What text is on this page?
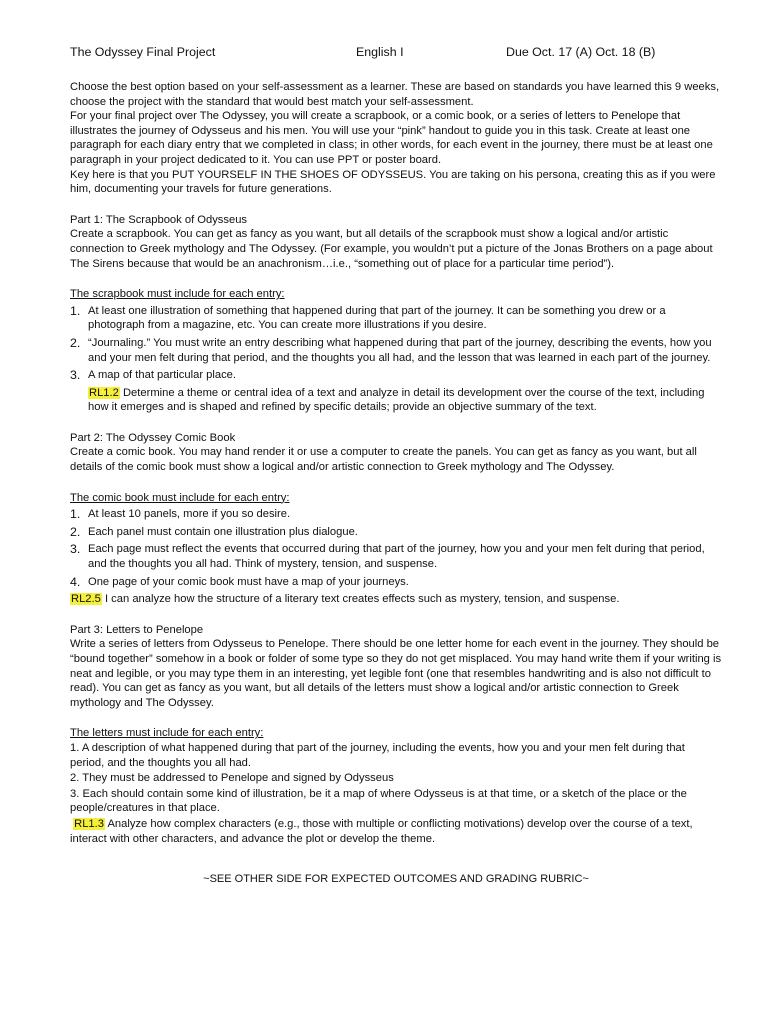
The Odyssey Final Project	English I	Due Oct. 17 (A) Oct. 18 (B)

Choose the best option based on your self-assessment as a learner. These are based on standards you have learned this 9 weeks, choose the project with the standard that would best match your self-assessment.

For your final project over The Odyssey, you will create a scrapbook, or a comic book, or a series of letters to Penelope that illustrates the journey of Odysseus and his men. You will use your “pink” handout to guide you in this task. Create at least one paragraph for each diary entry that we completed in class; in other words, for each event in the journey, there must be at least one paragraph in your project dedicated to it. You can use PPT or poster board.

Key here is that you PUT YOURSELF IN THE SHOES OF ODYSSEUS. You are taking on his persona, creating this as if you were him, documenting your travels for future generations.

Part 1: The Scrapbook of Odysseus

Create a scrapbook. You can get as fancy as you want, but all details of the scrapbook must show a logical and/or artistic connection to Greek mythology and The Odyssey. (For example, you wouldn’t put a picture of the Jonas Brothers on a page about The Sirens because that would be an anachronism…i.e., “something out of place for a particular time period”).

The scrapbook must include for each entry:

1. At least one illustration of something that happened during that part of the journey. It can be something you drew or a photograph from a magazine, etc. You can create more illustrations if you desire.
2. “Journaling.” You must write an entry describing what happened during that part of the journey, describing the events, how you and your men felt during that period, and the thoughts you all had, and the lesson that was learned in each part of the journey.
3. A map of that particular place.
RL1.2 Determine a theme or central idea of a text and analyze in detail its development over the course of the text, including how it emerges and is shaped and refined by specific details; provide an objective summary of the text.

Part 2: The Odyssey Comic Book

Create a comic book. You may hand render it or use a computer to create the panels. You can get as fancy as you want, but all details of the comic book must show a logical and/or artistic connection to Greek mythology and The Odyssey.

The comic book must include for each entry:

1. At least 10 panels, more if you so desire.
2. Each panel must contain one illustration plus dialogue.
3. Each page must reflect the events that occurred during that part of the journey, how you and your men felt during that period, and the thoughts you all had. Think of mystery, tension, and suspense.
4. One page of your comic book must have a map of your journeys.

RL2.5 I can analyze how the structure of a literary text creates effects such as mystery, tension, and suspense.

Part 3: Letters to Penelope

Write a series of letters from Odysseus to Penelope. There should be one letter home for each event in the journey. They should be “bound together” somehow in a book or folder of some type so they do not get misplaced. You may hand write them if your writing is neat and legible, or you may type them in an interesting, yet legible font (one that resembles handwriting and is also not difficult to read). You can get as fancy as you want, but all details of the letters must show a logical and/or artistic connection to Greek mythology and The Odyssey.

The letters must include for each entry:

1. A description of what happened during that part of the journey, including the events, how you and your men felt during that period, and the thoughts you all had.

2. They must be addressed to Penelope and signed by Odysseus

3. Each should contain some kind of illustration, be it a map of where Odysseus is at that time, or a sketch of the place or the people/creatures in that place.

RL1.3 Analyze how complex characters (e.g., those with multiple or conflicting motivations) develop over the course of a text, interact with other characters, and advance the plot or develop the theme.

~SEE OTHER SIDE FOR EXPECTED OUTCOMES AND GRADING RUBRIC~
